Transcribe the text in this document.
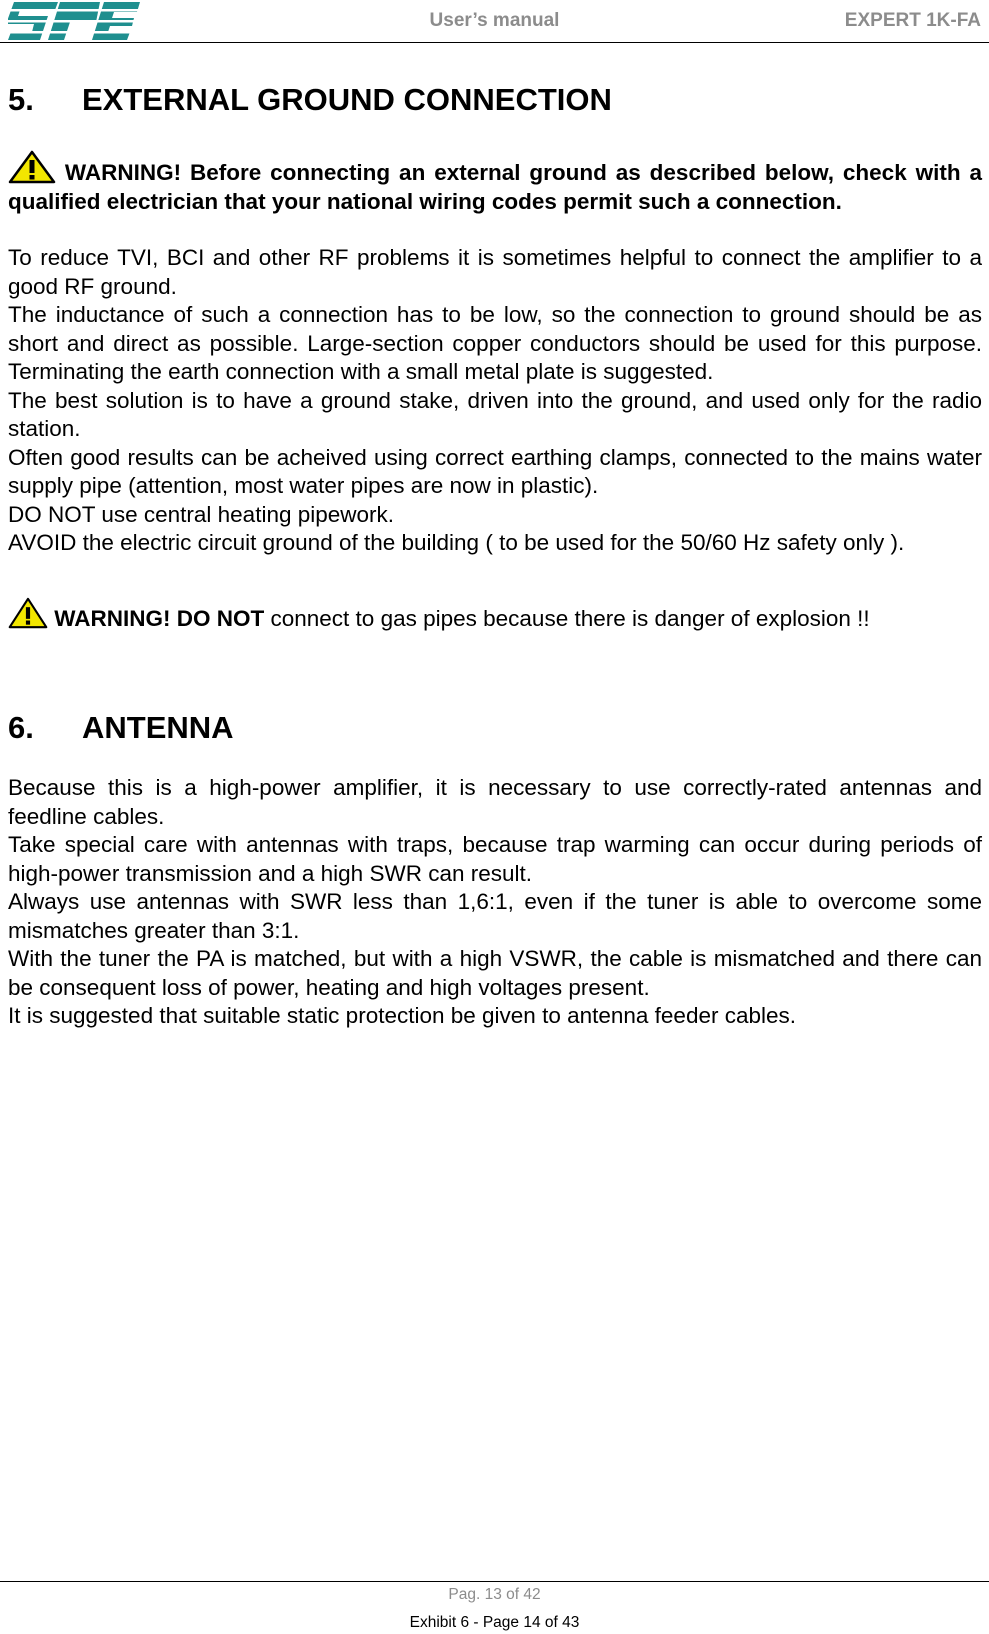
User’s manual	EXPERT 1K-FA
5.	EXTERNAL GROUND CONNECTION

WARNING! Before connecting an external ground as described below, check with a qualified electrician that your national wiring codes permit such a connection.

To reduce TVI, BCI and other RF problems it is sometimes helpful to connect the amplifier to a good RF ground.

The inductance of such a connection has to be low, so the connection to ground should be as short and direct as possible. Large-section copper conductors should be used for this purpose. Terminating the earth connection with a small metal plate is suggested.

The best solution is to have a ground stake, driven into the ground, and used only for the radio station.

Often good results can be acheived using correct earthing clamps, connected to the mains water supply pipe (attention, most water pipes are now in plastic).

DO NOT use central heating pipework.

AVOID the electric circuit ground of the building ( to be used for the 50/60 Hz safety only ).

WARNING! DO NOT connect to gas pipes because there is danger of explosion !!

6.	ANTENNA

Because this is a high-power amplifier, it is necessary to use correctly-rated antennas and feedline cables.

Take special care with antennas with traps, because trap warming can occur during periods of high-power transmission and a high SWR can result.

Always use antennas with SWR less than 1,6:1, even if the tuner is able to overcome some mismatches greater than 3:1.

With the tuner the PA is matched, but with a high VSWR, the cable is mismatched and there can be consequent loss of power, heating and high voltages present.

It is suggested that suitable static protection be given to antenna feeder cables.

Pag. 13 of 42
Exhibit 6 - Page 14 of 43
